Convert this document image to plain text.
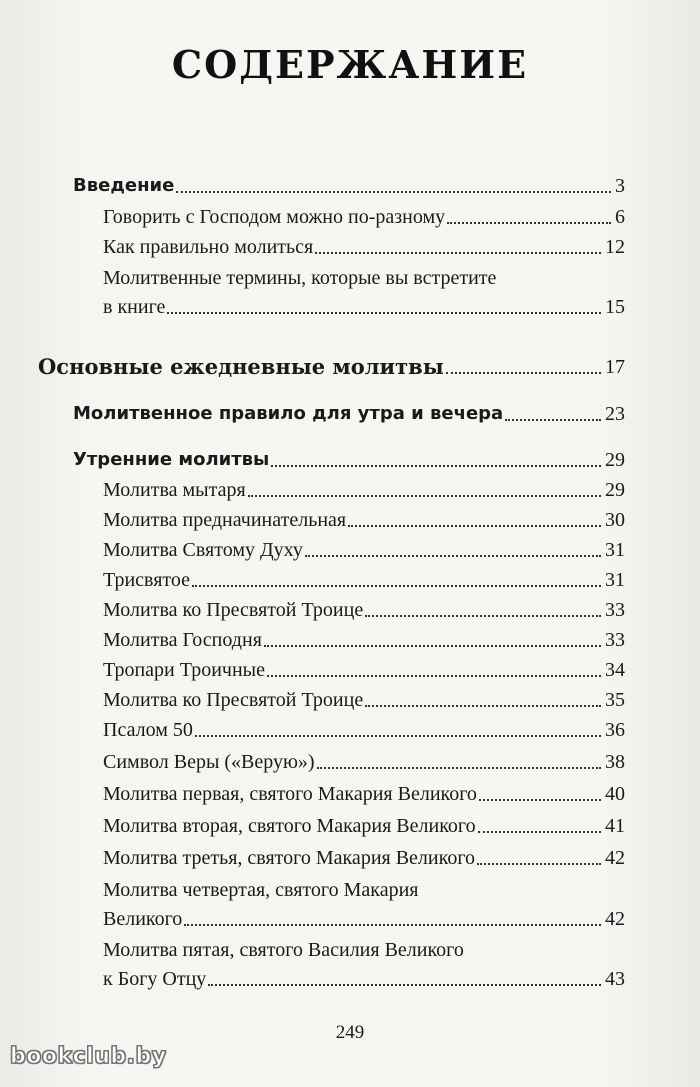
СОДЕРЖАНИЕ
Введение	3
Говорить с Господом можно по-разному	6
Как правильно молиться	12
Молитвенные термины, которые вы встретите
в книге	15
Основные ежедневные молитвы	17
Молитвенное правило для утра и вечера	23
Утренние молитвы	29
Молитва мытаря	29
Молитва предначинательная	30
Молитва Святому Духу	31
Трисвятое	31
Молитва ко Пресвятой Троице	33
Молитва Господня	33
Тропари Троичные	34
Молитва ко Пресвятой Троице	35
Псалом 50	36
Символ Веры («Верую»)	38
Молитва первая, святого Макария Великого	40
Молитва вторая, святого Макария Великого	41
Молитва третья, святого Макария Великого	42
Молитва четвертая, святого Макария
Великого	42
Молитва пятая, святого Василия Великого
к Богу Отцу	43
249
bookclub.by
